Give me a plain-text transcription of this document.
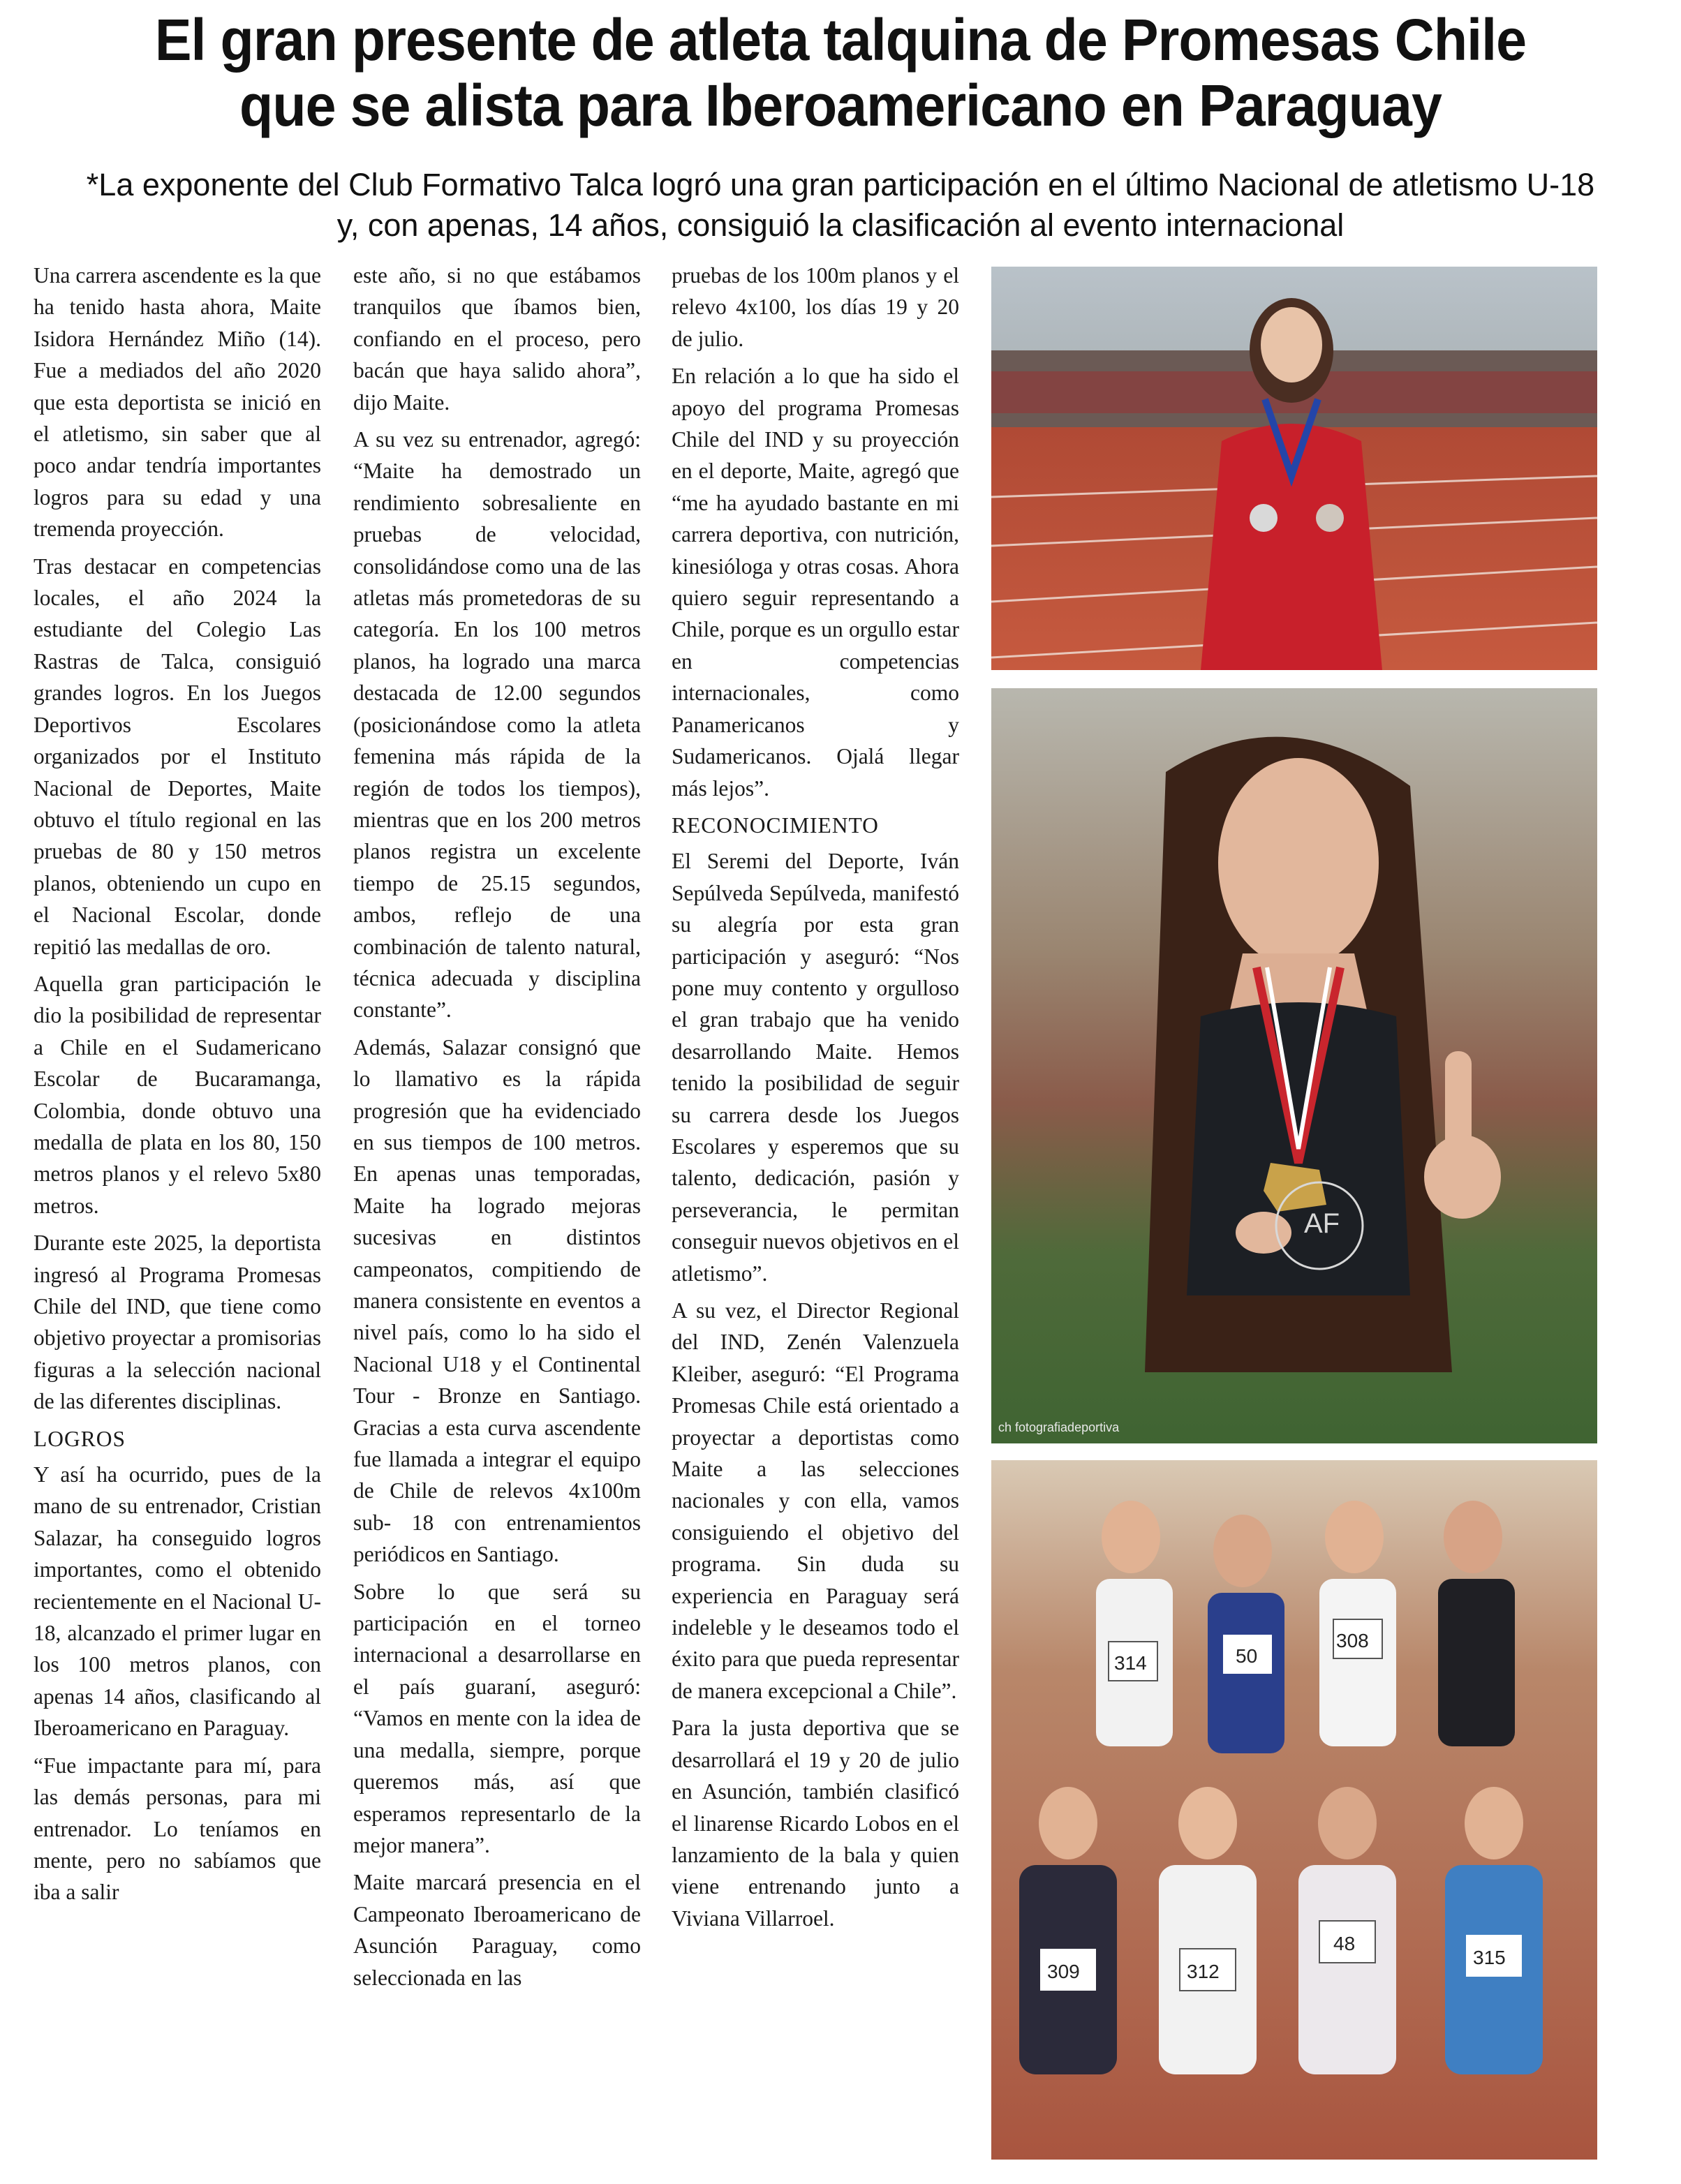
El gran presente de atleta talquina de Promesas Chile
que se alista para Iberoamericano en Paraguay
*La exponente del Club Formativo Talca logró una gran participación en el último Nacional de atletismo U-18
y, con apenas, 14 años, consiguió la clasificación al evento internacional

Una carrera ascendente es la que ha tenido hasta ahora, Maite Isidora Hernández Miño (14). Fue a mediados del año 2020 que esta deportista se inició en el atletismo, sin saber que al poco andar tendría importantes logros para su edad y una tremenda proyección.

Tras destacar en competencias locales, el año 2024 la estudiante del Colegio Las Rastras de Talca, consiguió grandes logros. En los Juegos Deportivos Escolares organizados por el Instituto Nacional de Deportes, Maite obtuvo el título regional en las pruebas de 80 y 150 metros planos, obteniendo un cupo en el Nacional Escolar, donde repitió las medallas de oro.

Aquella gran participación le dio la posibilidad de representar a Chile en el Sudamericano Escolar de Bucaramanga, Colombia, donde obtuvo una medalla de plata en los 80, 150 metros planos y el relevo 5x80 metros.

Durante este 2025, la deportista ingresó al Programa Promesas Chile del IND, que tiene como objetivo proyectar a promisorias figuras a la selección nacional de las diferentes disciplinas.

LOGROS

Y así ha ocurrido, pues de la mano de su entrenador, Cristian Salazar, ha conseguido logros importantes, como el obtenido recientemente en el Nacional U-18, alcanzado el primer lugar en los 100 metros planos, con apenas 14 años, clasificando al Iberoamericano en Paraguay.

“Fue impactante para mí, para las demás personas, para mi entrenador. Lo teníamos en mente, pero no sabíamos que iba a salir

este año, si no que estábamos tranquilos que íbamos bien, confiando en el proceso, pero bacán que haya salido ahora”, dijo Maite.

A su vez su entrenador, agregó: “Maite ha demostrado un rendimiento sobresaliente en pruebas de velocidad, consolidándose como una de las atletas más prometedoras de su categoría. En los 100 metros planos, ha logrado una marca destacada de 12.00 segundos (posicionándose como la atleta femenina más rápida de la región de todos los tiempos), mientras que en los 200 metros planos registra un excelente tiempo de 25.15 segundos, ambos, reflejo de una combinación de talento natural, técnica adecuada y disciplina constante”.

Además, Salazar consignó que lo llamativo es la rápida progresión que ha evidenciado en sus tiempos de 100 metros. En apenas unas temporadas, Maite ha logrado mejoras sucesivas en distintos campeonatos, compitiendo de manera consistente en eventos a nivel país, como lo ha sido el Nacional U18 y el Continental Tour - Bronze en Santiago. Gracias a esta curva ascendente fue llamada a integrar el equipo de Chile de relevos 4x100m sub- 18 con entrenamientos periódicos en Santiago.

Sobre lo que será su participación en el torneo internacional a desarrollarse en el país guaraní, aseguró: “Vamos en mente con la idea de una medalla, siempre, porque queremos más, así que esperamos representarlo de la mejor manera”.

Maite marcará presencia en el Campeonato Iberoamericano de Asunción Paraguay, como seleccionada en las

pruebas de los 100m planos y el relevo 4x100, los días 19 y 20 de julio.

En relación a lo que ha sido el apoyo del programa Promesas Chile del IND y su proyección en el deporte, Maite, agregó que “me ha ayudado bastante en mi carrera deportiva, con nutrición, kinesióloga y otras cosas. Ahora quiero seguir representando a Chile, porque es un orgullo estar en competencias internacionales, como Panamericanos y Sudamericanos. Ojalá llegar más lejos”.

RECONOCIMIENTO

El Seremi del Deporte, Iván Sepúlveda Sepúlveda, manifestó su alegría por esta gran participación y aseguró: “Nos pone muy contento y orgulloso el gran trabajo que ha venido desarrollando Maite. Hemos tenido la posibilidad de seguir su carrera desde los Juegos Escolares y esperemos que su talento, dedicación, pasión y perseverancia, le permitan conseguir nuevos objetivos en el atletismo”.

A su vez, el Director Regional del IND, Zenén Valenzuela Kleiber, aseguró: “El Programa Promesas Chile está orientado a proyectar a deportistas como Maite a las selecciones nacionales y con ella, vamos consiguiendo el objetivo del programa. Sin duda su experiencia en Paraguay será indeleble y le deseamos todo el éxito para que pueda representar de manera excepcional a Chile”.

Para la justa deportiva que se desarrollará el 19 y 20 de julio en Asunción, también clasificó el linarense Ricardo Lobos en el lanzamiento de la bala y quien viene entrenando junto a Viviana Villarroel.

AF
ch fotografiadeportiva
314	50
308
309	312
48
315
